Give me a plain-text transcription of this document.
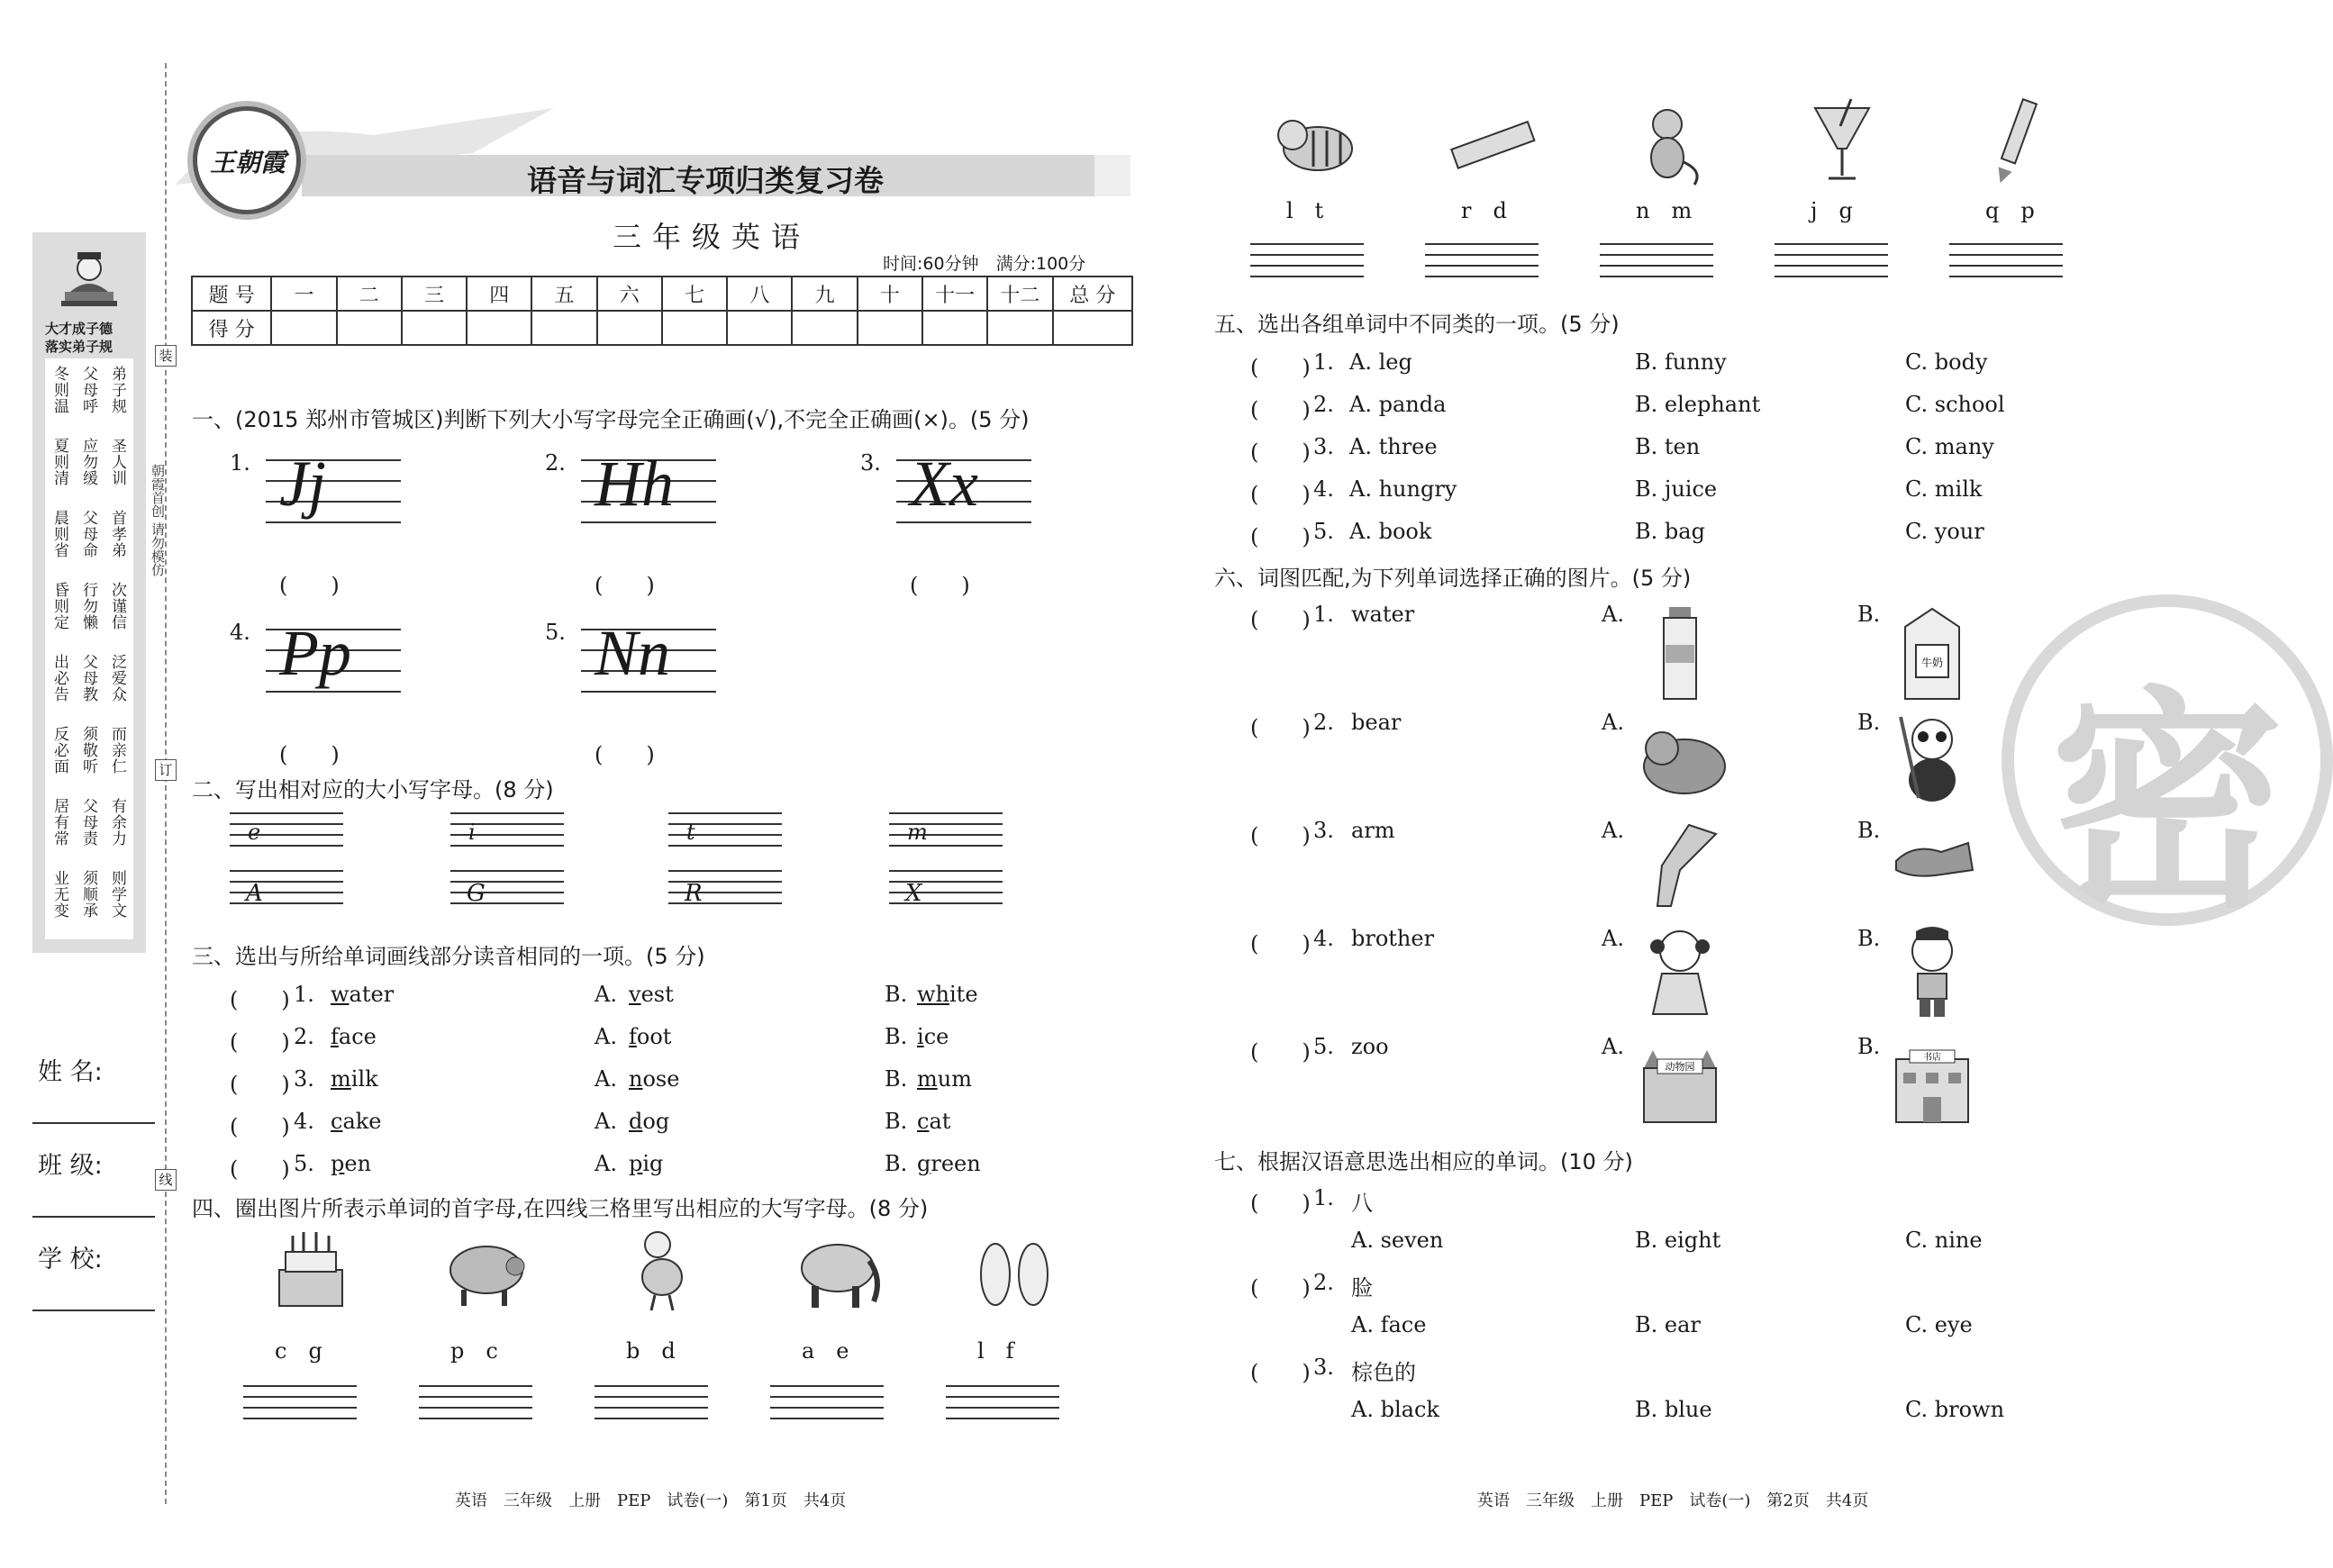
装
订
线
朝霞首创 请勿模仿
大才成子德
落实弟子规
冬则温 父母呼 弟子规
夏则清 应勿缓 圣人训
晨则省 父母命 首孝弟
昏则定 行勿懒 次谨信
出必告 父母教 泛爱众
反必面 须敬听 而亲仁
居有常 父母责 有余力
业无变 须顺承 则学文
姓 名:
班 级:
学 校:
王朝霞
语音与词汇专项归类复习卷
三年级英语
时间:60分钟　满分:100分
题 号	一	二	三	四	五	六	七	八	九	十	十一	十二	总 分
得 分													
一、(2015 郑州市管城区)判断下列大小写字母完全正确画(√),不完全正确画(×)。(5 分)
1. Jj
(　　)
2. Hh
(　　)
3. Xx
(　　)
4. Pp
(　　)
5. Nn
(　　)
二、写出相对应的大小写字母。(8 分)
e
A
i
G
t
R
m
X
三、选出与所给单词画线部分读音相同的一项。(5 分)
(　　) 1. water	A. vest	B. white
(　　) 2. face	A. foot	B. ice
(　　) 3. milk	A. nose	B. mum
(　　) 4. cake	A. dog	B. cat
(　　) 5. pen	A. pig	B. green
四、圈出图片所表示单词的首字母,在四线三格里写出相应的大写字母。(8 分)
c　g	p　c	b　d	a　e	l　f
l　t	r　d	n　m	j　g	q　p
五、选出各组单词中不同类的一项。(5 分)
(　　) 1. A. leg	B. funny	C. body
(　　) 2. A. panda	B. elephant	C. school
(　　) 3. A. three	B. ten	C. many
(　　) 4. A. hungry	B. juice	C. milk
(　　) 5. A. book	B. bag	C. your
六、词图匹配,为下列单词选择正确的图片。(5 分)
(　　) 1. water	A.	B.
牛奶
(　　) 2. bear	A.	B.
(　　) 3. arm	A.	B.
(　　) 4. brother	A.	B.
(　　) 5. zoo	A.	B.
动物园
书店
七、根据汉语意思选出相应的单词。(10 分)
(　　) 1. 八
A. seven	B. eight	C. nine
(　　) 2. 脸
A. face	B. ear	C. eye
(　　) 3. 棕色的
A. black	B. blue	C. brown
密
英语　三年级　上册　PEP　试卷(一)　第1页　共4页	英语　三年级　上册　PEP　试卷(一)　第2页　共4页
